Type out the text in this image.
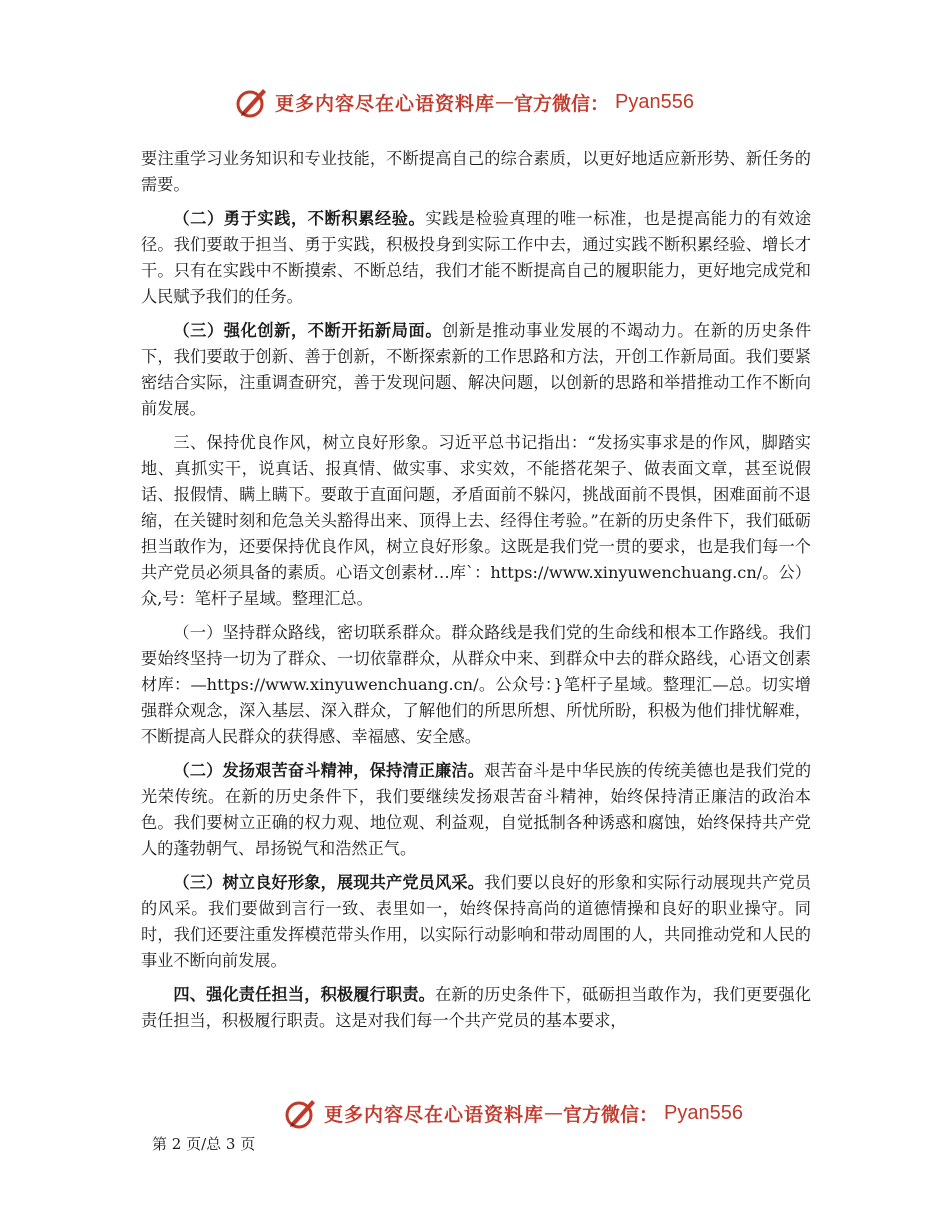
更多内容尽在心语资料库 — 官方微信： Pyan556

要注重学习业务知识和专业技能，不断提高自己的综合素质，以更好地适应新形势、新任务的需要。

（二）勇于实践，不断积累经验。实践是检验真理的唯一标准，也是提高能力的有效途径。我们要敢于担当、勇于实践，积极投身到实际工作中去，通过实践不断积累经验、增长才干。只有在实践中不断摸索、不断总结，我们才能不断提高自己的履职能力，更好地完成党和人民赋予我们的任务。

（三）强化创新，不断开拓新局面。创新是推动事业发展的不竭动力。在新的历史条件下，我们要敢于创新、善于创新，不断探索新的工作思路和方法，开创工作新局面。我们要紧密结合实际，注重调查研究，善于发现问题、解决问题，以创新的思路和举措推动工作不断向前发展。

三、保持优良作风，树立良好形象。习近平总书记指出：“发扬实事求是的作风，脚踏实地、真抓实干，说真话、报真情、做实事、求实效，不能搭花架子、做表面文章，甚至说假话、报假情、瞒上瞒下。要敢于直面问题，矛盾面前不躲闪，挑战面前不畏惧，困难面前不退缩，在关键时刻和危急关头豁得出来、顶得上去、经得住考验。”在新的历史条件下，我们砥砺担当敢作为，还要保持优良作风，树立良好形象。这既是我们党一贯的要求，也是我们每一个共产党员必须具备的素质。心语文创素材…库`：https://www.xinyuwenchuang.cn/。公）众,号：笔杆子星域。整理汇总。

（一）坚持群众路线，密切联系群众。群众路线是我们党的生命线和根本工作路线。我们要始终坚持一切为了群众、一切依靠群众，从群众中来、到群众中去的群众路线，心语文创素材库：—https://www.xinyuwenchuang.cn/。公众号：}笔杆子星域。整理汇—总。切实增强群众观念，深入基层、深入群众，了解他们的所思所想、所忧所盼，积极为他们排忧解难，不断提高人民群众的获得感、幸福感、安全感。

（二）发扬艰苦奋斗精神，保持清正廉洁。艰苦奋斗是中华民族的传统美德也是我们党的光荣传统。在新的历史条件下，我们要继续发扬艰苦奋斗精神，始终保持清正廉洁的政治本色。我们要树立正确的权力观、地位观、利益观，自觉抵制各种诱惑和腐蚀，始终保持共产党人的蓬勃朝气、昂扬锐气和浩然正气。

（三）树立良好形象，展现共产党员风采。我们要以良好的形象和实际行动展现共产党员的风采。我们要做到言行一致、表里如一，始终保持高尚的道德情操和良好的职业操守。同时，我们还要注重发挥模范带头作用，以实际行动影响和带动周围的人，共同推动党和人民的事业不断向前发展。

四、强化责任担当，积极履行职责。在新的历史条件下，砥砺担当敢作为，我们更要强化责任担当，积极履行职责。这是对我们每一个共产党员的基本要求，

更多内容尽在心语资料库 — 官方微信： Pyan556
第 2 页/总 3 页
